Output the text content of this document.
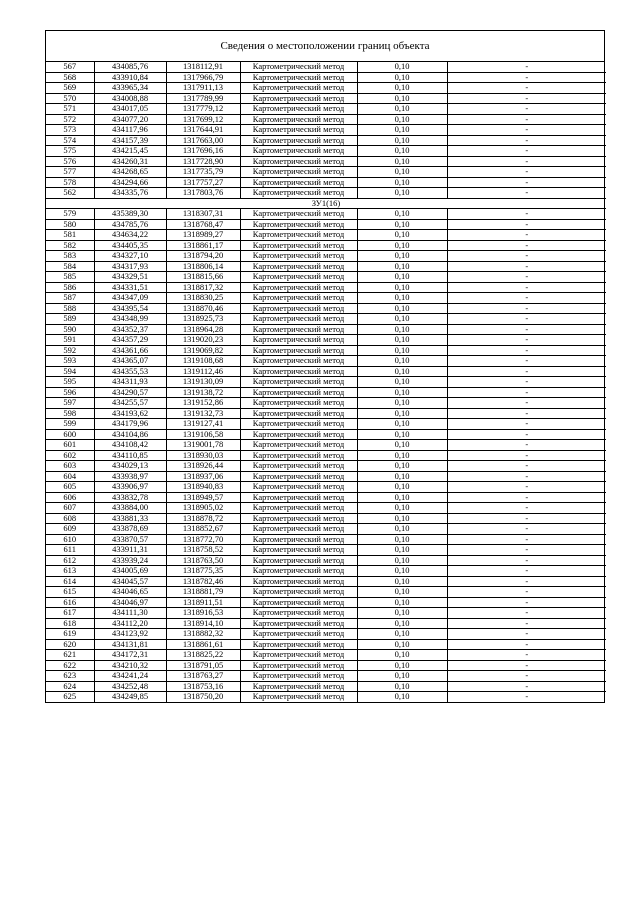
Сведения о местоположении границ объекта
567	434085,76	1318112,91	Картометрический метод	0,10	-
568	433910,84	1317966,79	Картометрический метод	0,10	-
569	433965,34	1317911,13	Картометрический метод	0,10	-
570	434008,88	1317789,99	Картометрический метод	0,10	-
571	434017,05	1317779,12	Картометрический метод	0,10	-
572	434077,20	1317699,12	Картометрический метод	0,10	-
573	434117,96	1317644,91	Картометрический метод	0,10	-
574	434157,39	1317663,00	Картометрический метод	0,10	-
575	434215,45	1317696,16	Картометрический метод	0,10	-
576	434260,31	1317728,90	Картометрический метод	0,10	-
577	434268,65	1317735,79	Картометрический метод	0,10	-
578	434294,66	1317757,27	Картометрический метод	0,10	-
562	434335,76	1317803,76	Картометрический метод	0,10	-
ЗУ1(16)					
579	435389,30	1318307,31	Картометрический метод	0,10	-
580	434785,76	1318768,47	Картометрический метод	0,10	-
581	434634,22	1318989,27	Картометрический метод	0,10	-
582	434405,35	1318861,17	Картометрический метод	0,10	-
583	434327,10	1318794,20	Картометрический метод	0,10	-
584	434317,93	1318806,14	Картометрический метод	0,10	-
585	434329,51	1318815,66	Картометрический метод	0,10	-
586	434331,51	1318817,32	Картометрический метод	0,10	-
587	434347,09	1318830,25	Картометрический метод	0,10	-
588	434395,54	1318870,46	Картометрический метод	0,10	-
589	434348,99	1318925,73	Картометрический метод	0,10	-
590	434352,37	1318964,28	Картометрический метод	0,10	-
591	434357,29	1319020,23	Картометрический метод	0,10	-
592	434361,66	1319069,82	Картометрический метод	0,10	-
593	434365,07	1319108,68	Картометрический метод	0,10	-
594	434355,53	1319112,46	Картометрический метод	0,10	-
595	434311,93	1319130,09	Картометрический метод	0,10	-
596	434290,57	1319138,72	Картометрический метод	0,10	-
597	434255,57	1319152,86	Картометрический метод	0,10	-
598	434193,62	1319132,73	Картометрический метод	0,10	-
599	434179,96	1319127,41	Картометрический метод	0,10	-
600	434104,86	1319106,58	Картометрический метод	0,10	-
601	434108,42	1319001,78	Картометрический метод	0,10	-
602	434110,85	1318930,03	Картометрический метод	0,10	-
603	434029,13	1318926,44	Картометрический метод	0,10	-
604	433938,97	1318937,06	Картометрический метод	0,10	-
605	433906,97	1318940,83	Картометрический метод	0,10	-
606	433832,78	1318949,57	Картометрический метод	0,10	-
607	433884,00	1318905,02	Картометрический метод	0,10	-
608	433881,33	1318878,72	Картометрический метод	0,10	-
609	433878,69	1318852,67	Картометрический метод	0,10	-
610	433870,57	1318772,70	Картометрический метод	0,10	-
611	433911,31	1318758,52	Картометрический метод	0,10	-
612	433939,24	1318763,50	Картометрический метод	0,10	-
613	434005,69	1318775,35	Картометрический метод	0,10	-
614	434045,57	1318782,46	Картометрический метод	0,10	-
615	434046,65	1318881,79	Картометрический метод	0,10	-
616	434046,97	1318911,51	Картометрический метод	0,10	-
617	434111,30	1318916,53	Картометрический метод	0,10	-
618	434112,20	1318914,10	Картометрический метод	0,10	-
619	434123,92	1318882,32	Картометрический метод	0,10	-
620	434131,81	1318861,61	Картометрический метод	0,10	-
621	434172,31	1318825,22	Картометрический метод	0,10	-
622	434210,32	1318791,05	Картометрический метод	0,10	-
623	434241,24	1318763,27	Картометрический метод	0,10	-
624	434252,48	1318753,16	Картометрический метод	0,10	-
625	434249,85	1318750,20	Картометрический метод	0,10	-
